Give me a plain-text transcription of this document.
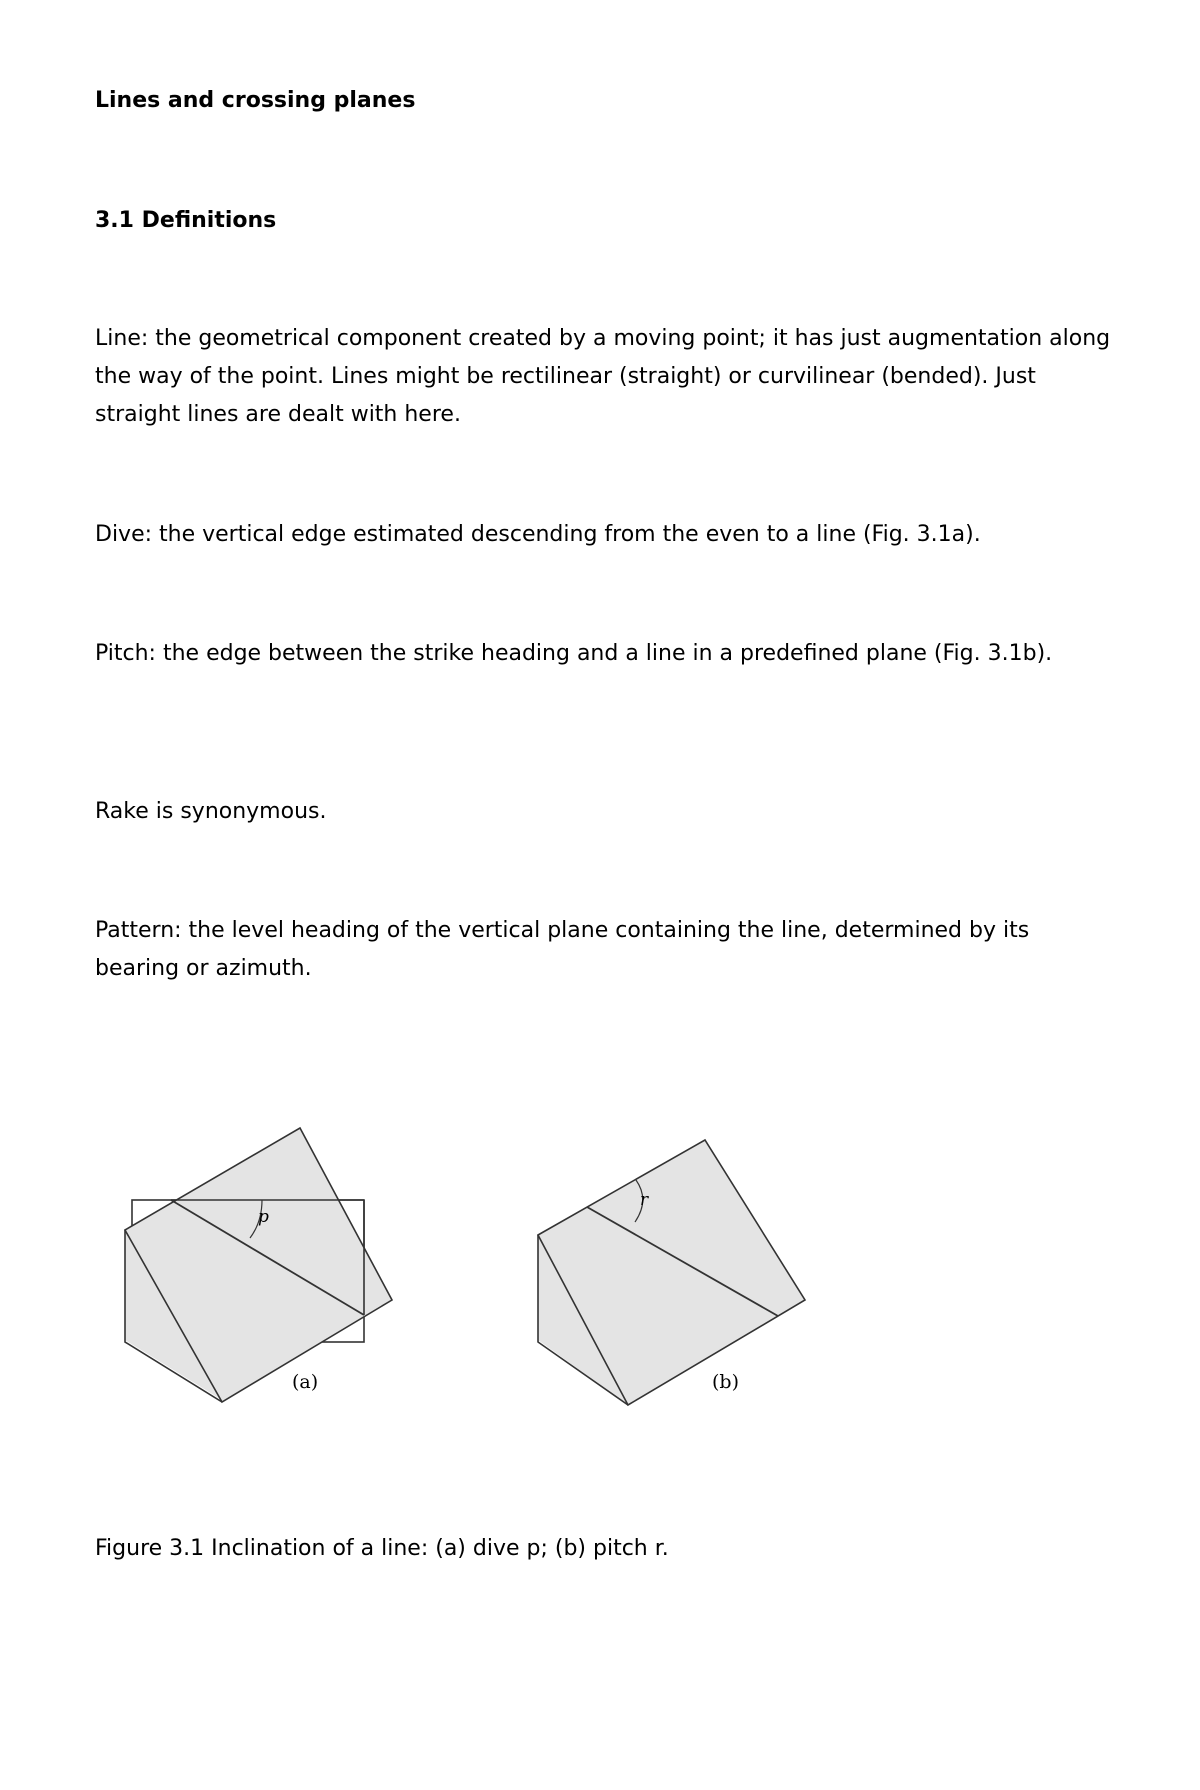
Lines and crossing planes
3.1 Definitions

Line: the geometrical component created by a moving point; it has just augmentation along the way of the point. Lines might be rectilinear (straight) or curvilinear (bended). Just straight lines are dealt with here.

Dive: the vertical edge estimated descending from the even to a line (Fig. 3.1a).

Pitch: the edge between the strike heading and a line in a predefined plane (Fig. 3.1b).

Rake is synonymous.

Pattern: the level heading of the vertical plane containing the line, determined by its bearing or azimuth.

p
(a)
r
(b)

Figure 3.1 Inclination of a line: (a) dive p; (b) pitch r.
